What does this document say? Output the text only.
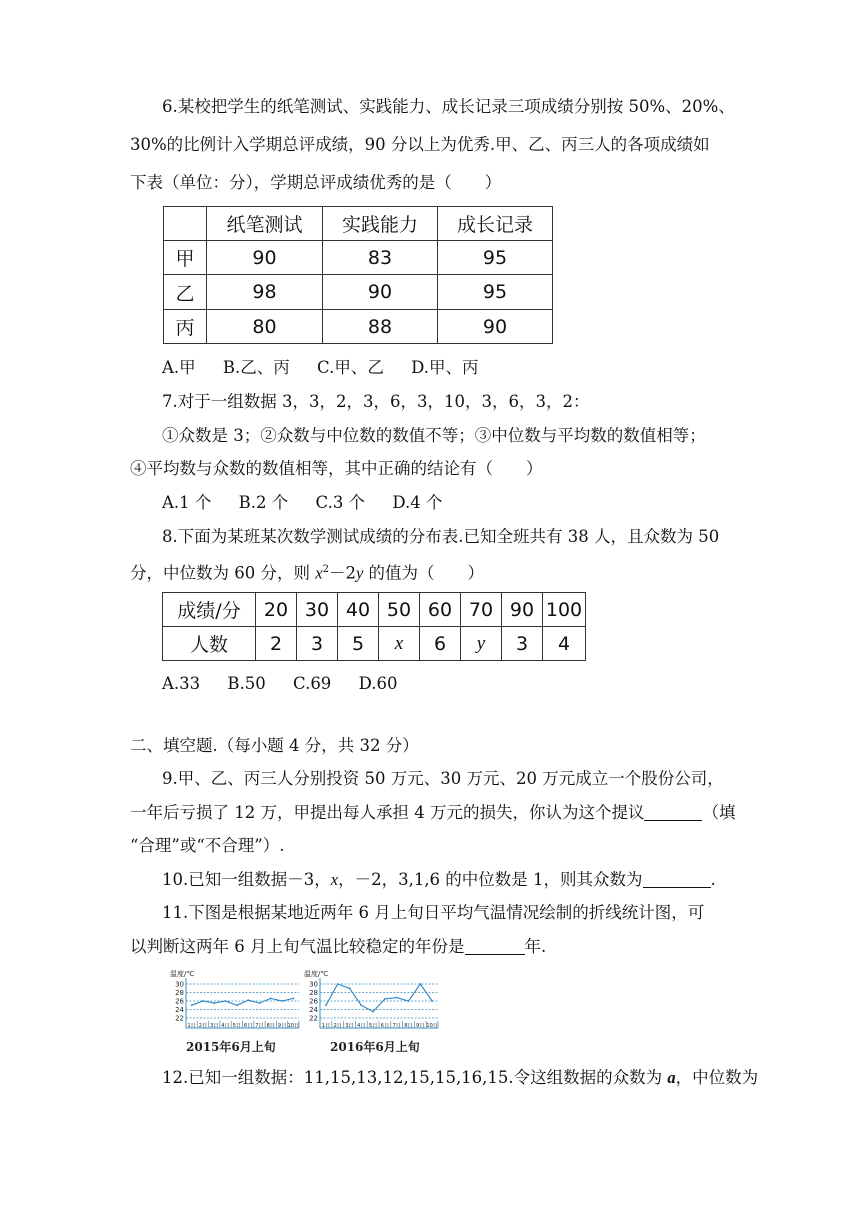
6.某校把学生的纸笔测试、实践能力、成长记录三项成绩分别按 50%、20%、
30%的比例计入学期总评成绩，90 分以上为优秀.甲、乙、丙三人的各项成绩如
下表（单位：分），学期总评成绩优秀的是（　　）
	纸笔测试	实践能力	成长记录
甲	90	83	95
乙	98	90	95
丙	80	88	90
A.甲 B.乙、丙 C.甲、乙 D.甲、丙
7.对于一组数据 3，3，2，3，6，3，10，3，6，3，2：
①众数是 3；②众数与中位数的数值不等；③中位数与平均数的数值相等；
④平均数与众数的数值相等，其中正确的结论有（　　）
A.1 个 B.2 个 C.3 个 D.4 个
8.下面为某班某次数学测试成绩的分布表.已知全班共有 38 人，且众数为 50
分，中位数为 60 分，则 $x^2-2y$ 的值为（　　）
成绩/分	20	30	40	50	60	70	90	100
人数	2	3	5	x	6	y	3	4
A.33 B.50 C.69 D.60
二、填空题.（每小题 4 分，共 32 分）
9.甲、乙、丙三人分别投资 50 万元、30 万元、20 万元成立一个股份公司，
一年后亏损了 12 万，甲提出每人承担 4 万元的损失，你认为这个提议	（填
“合理”或“不合理”）.
10.已知一组数据－3，x，－2，3,1,6 的中位数是 1，则其众数为	.
11.下图是根据某地近两年 6 月上旬日平均气温情况绘制的折线统计图，可
以判断这两年 6 月上旬气温比较稳定的年份是	年.
温度/℃
30
28
26
24
22
1日 2日 3日 4日 5日 6日 7日 8日 9日 10日
2015年6月上旬
温度/℃
30
28
26
24
22
1日 2日 3日 4日 5日 6日 7日 8日 9日 10日
2016年6月上旬
12.已知一组数据：11,15,13,12,15,15,16,15.令这组数据的众数为 a，中位数为
